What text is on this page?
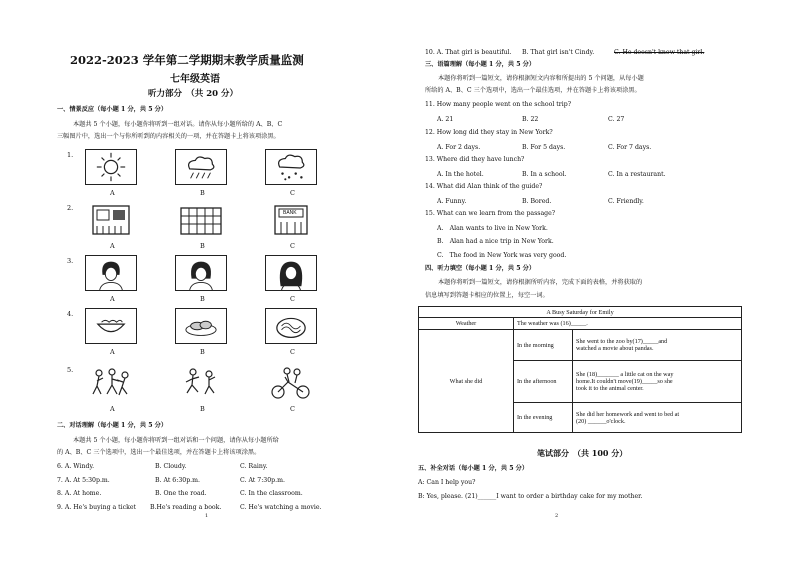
2022-2023 学年第二学期期末教学质量监测
七年级英语
听力部分　（共 20 分）
一、情景反应（每小题 1 分，共 5 分）
本题共 5 个小题，每小题你将听到一组对话。请你从每小题所给的 A、B、C
三幅图片中，选出一个与你所听到的内容相关的一项，并在答题卡上将该项涂黑。
1.
A	B	C
2.
BANK
A	B	C
3.
A	B	C
4.
A	B	C
5.
A	B	C
二、对话理解（每小题 1 分，共 5 分）
本题共 5 个小题，每小题你将听到一组对话和一个问题，请你从每小题所给
的 A、B、C 三个选项中，选出一个最佳选项，并在答题卡上将该项涂黑。
6. A. Windy.	B. Cloudy.	C. Rainy.
7. A. At 5:30p.m.	B. At 6:30p.m.	C. At 7:30p.m.
8. A. At home.	B. One the road.	C. In the classroom.
9. A. He's buying a ticket B.He's reading a book.	C. He's watching a movie.
1
10. A. That girl is beautiful. B. That girl isn't Cindy.	C. He doesn't know that girl.
三、语篇理解（每小题 1 分，共 5 分）
本题你将听到一篇短文，请你根据短文内容和所提出的 5 个问题，从每小题
所给的 A、B、C 三个选项中，选出一个最佳选项，并在答题卡上将该项涂黑。
11. How many people went on the school trip?
A. 21	B. 22	C. 27
12. How long did they stay in New York?
A. For 2 days.	B. For 5 days.	C. For 7 days.
13. Where did they have lunch?
A. In the hotel.	B. In a school.	C. In a restaurant.
14. What did Alan think of the guide?
A. Funny.	B. Bored.	C. Friendly.
15. What can we learn from the passage?
A.　Alan wants to live in New York.
B.　Alan had a nice trip in New York.
C.　The food in New York was very good.
四、听力填空（每小题 1 分，共 5 分）
本题你将听到一篇短文，请你根据所听内容，完成下面的表格，并将获取的
信息填写到答题卡相应的位置上，每空一词。
A Busy Saturday for Emily		
Weather	The weather was (16)_____.	
What she did	In the morning	She went to the zoo by(17)_____and
watched a movie about pandas.

	In the afternoon	She (18)_______ a little cat on the way
home.It couldn't move(19)_____so she
took it to the animal center.

	In the evening	She did her homework and went to bed at
(20) ______o'clock.
笔试部分　（共 100 分）
五、补全对话（每小题 1 分，共 5 分）
A: Can I help you?
B: Yes, please. (21)______I want to order a birthday cake for my mother.
2
